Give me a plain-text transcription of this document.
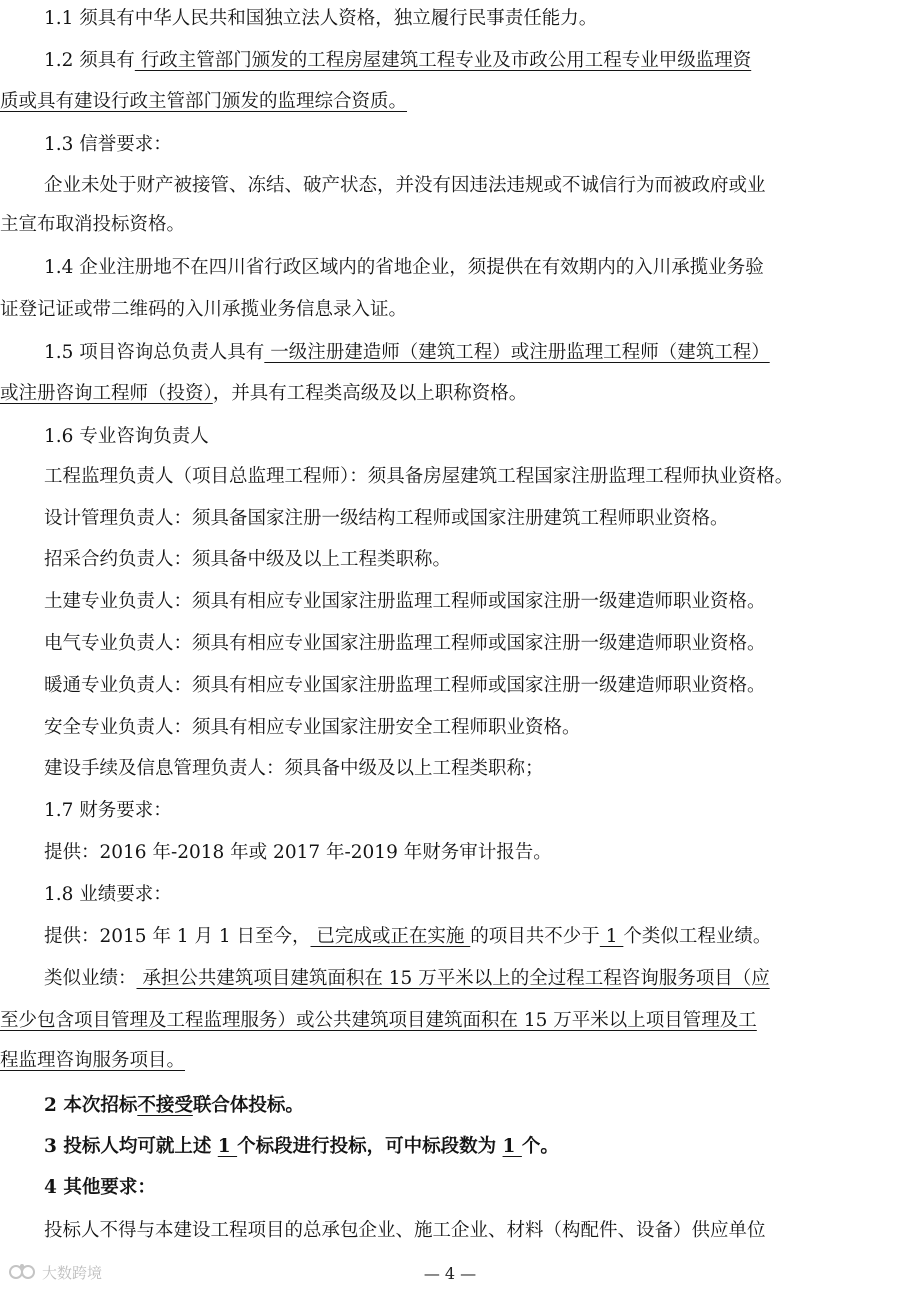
1.1 须具有中华人民共和国独立法人资格，独立履行民事责任能力。

1.2 须具有 行政主管部门颁发的工程房屋建筑工程专业及市政公用工程专业甲级监理资

质或具有建设行政主管部门颁发的监理综合资质。

1.3 信誉要求：

企业未处于财产被接管、冻结、破产状态，并没有因违法违规或不诚信行为而被政府或业

主宣布取消投标资格。

1.4 企业注册地不在四川省行政区域内的省地企业，须提供在有效期内的入川承揽业务验

证登记证或带二维码的入川承揽业务信息录入证。

1.5 项目咨询总负责人具有 一级注册建造师（建筑工程）或注册监理工程师（建筑工程）

或注册咨询工程师（投资），并具有工程类高级及以上职称资格。

1.6 专业咨询负责人

工程监理负责人（项目总监理工程师）：须具备房屋建筑工程国家注册监理工程师执业资格。

设计管理负责人：须具备国家注册一级结构工程师或国家注册建筑工程师职业资格。

招采合约负责人：须具备中级及以上工程类职称。

土建专业负责人：须具有相应专业国家注册监理工程师或国家注册一级建造师职业资格。

电气专业负责人：须具有相应专业国家注册监理工程师或国家注册一级建造师职业资格。

暖通专业负责人：须具有相应专业国家注册监理工程师或国家注册一级建造师职业资格。

安全专业负责人：须具有相应专业国家注册安全工程师职业资格。

建设手续及信息管理负责人：须具备中级及以上工程类职称；

1.7 财务要求：

提供：2016 年-2018 年或 2017 年-2019 年财务审计报告。

1.8 业绩要求：

提供：2015 年 1 月 1 日至今， 已完成或正在实施 的项目共不少于 1 个类似工程业绩。

类似业绩： 承担公共建筑项目建筑面积在 15 万平米以上的全过程工程咨询服务项目（应

至少包含项目管理及工程监理服务）或公共建筑项目建筑面积在 15 万平米以上项目管理及工

程监理咨询服务项目。

2 本次招标不接受联合体投标。

3 投标人均可就上述 1 个标段进行投标，可中标段数为 1 个。

4 其他要求：

投标人不得与本建设工程项目的总承包企业、施工企业、材料（构配件、设备）供应单位

大数跨境	— 4 —
